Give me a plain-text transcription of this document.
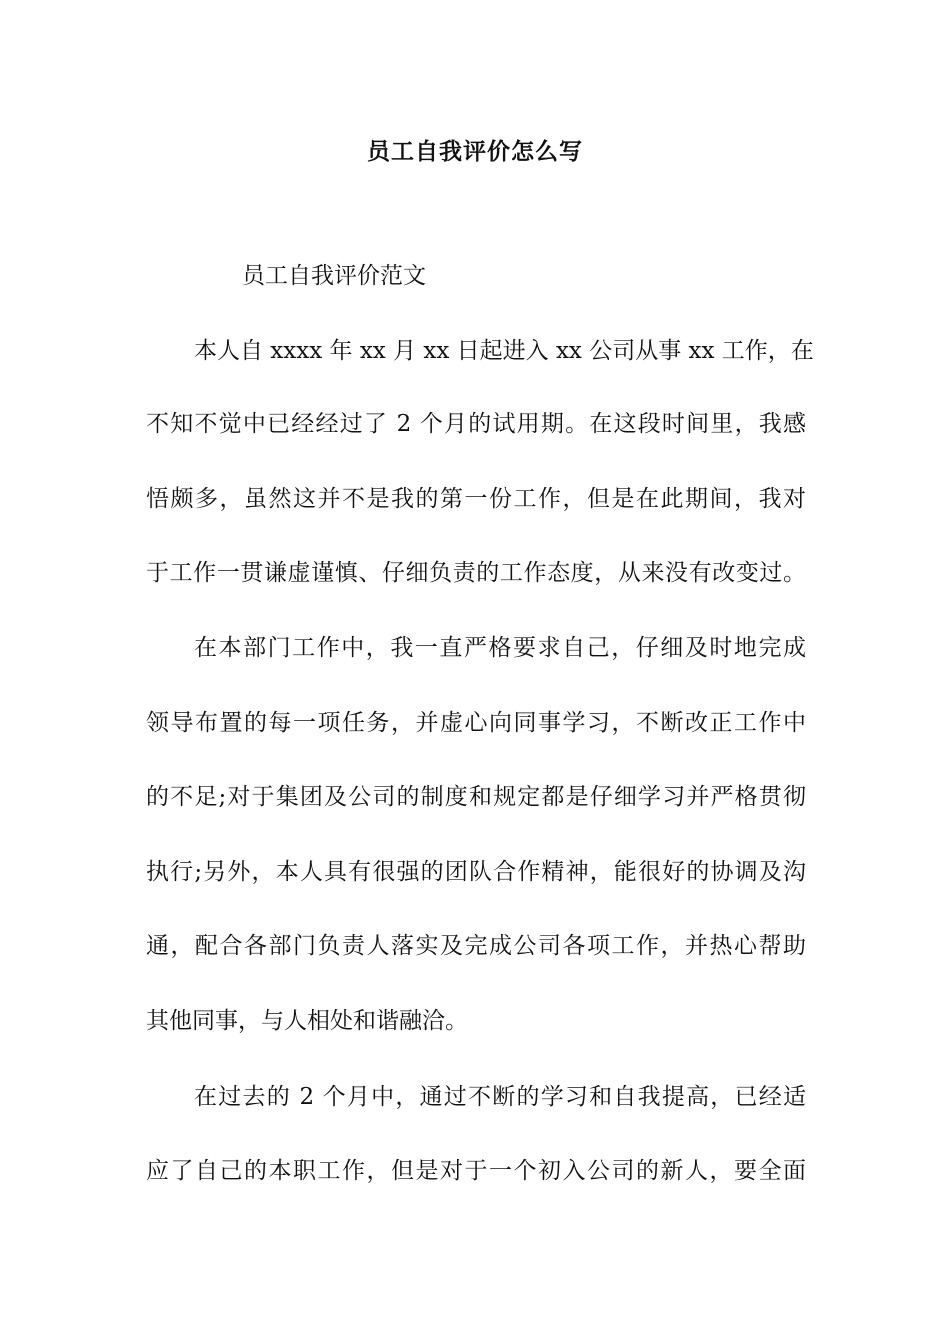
员工自我评价怎么写
员工自我评价范文
本人自 xxxx 年 xx 月 xx 日起进入 xx 公司从事 xx 工作，在
不知不觉中已经经过了 2 个月的试用期。在这段时间里，我感
悟颇多，虽然这并不是我的第一份工作，但是在此期间，我对
于工作一贯谦虚谨慎、仔细负责的工作态度，从来没有改变过。
在本部门工作中，我一直严格要求自己，仔细及时地完成
领导布置的每一项任务，并虚心向同事学习，不断改正工作中
的不足;对于集团及公司的制度和规定都是仔细学习并严格贯彻
执行;另外，本人具有很强的团队合作精神，能很好的协调及沟
通，配合各部门负责人落实及完成公司各项工作，并热心帮助
其他同事，与人相处和谐融洽。
在过去的 2 个月中，通过不断的学习和自我提高，已经适
应了自己的本职工作，但是对于一个初入公司的新人，要全面
